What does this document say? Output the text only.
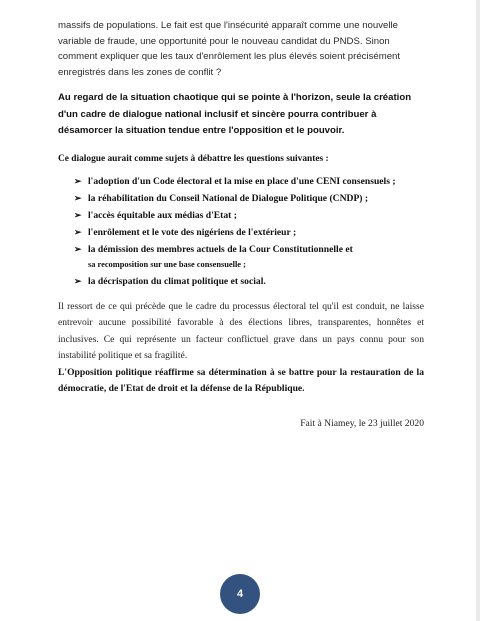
massifs de populations. Le fait est que l'insécurité apparaît comme une nouvelle variable de fraude, une opportunité pour le nouveau candidat du PNDS. Sinon comment expliquer que les taux d'enrôlement les plus élevés soient précisément enregistrés dans les zones de conflit ?

Au regard de la situation chaotique qui se pointe à l'horizon, seule la création d'un cadre de dialogue national inclusif et sincère pourra contribuer à désamorcer la situation tendue entre l'opposition et le pouvoir.

Ce dialogue aurait comme sujets à débattre les questions suivantes :

➢ l'adoption d'un Code électoral et la mise en place d'une CENI consensuels ;
➢ la réhabilitation du Conseil National de Dialogue Politique (CNDP) ;
➢ l'accès équitable aux médias d'Etat ;
➢ l'enrôlement et le vote des nigériens de l'extérieur ;
➢ la démission des membres actuels de la Cour Constitutionnelle et
sa recomposition sur une base consensuelle ;
➢ la décrispation du climat politique et social.

Il ressort de ce qui précède que le cadre du processus électoral tel qu'il est conduit, ne laisse entrevoir aucune possibilité favorable à des élections libres, transparentes, honnêtes et inclusives. Ce qui représente un facteur conflictuel grave dans un pays connu pour son instabilité politique et sa fragilité.

L'Opposition politique réaffirme sa détermination à se battre pour la restauration de la démocratie, de l'Etat de droit et la défense de la République.

Fait à Niamey, le 23 juillet 2020

4
